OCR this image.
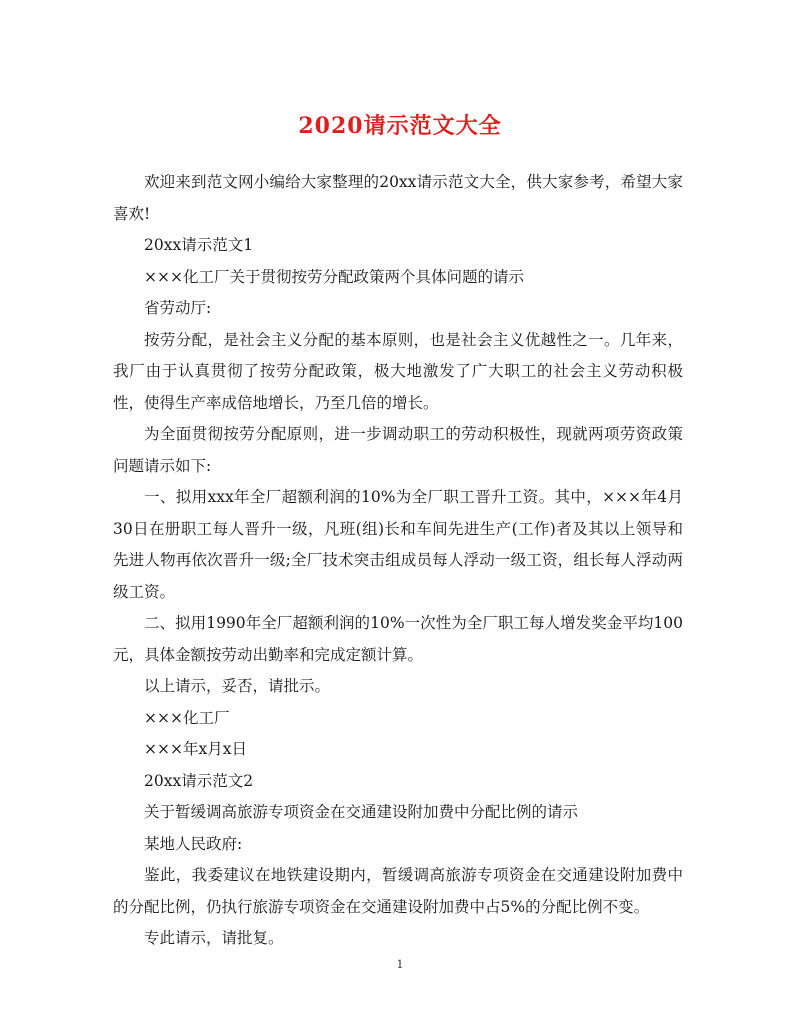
2020请示范文大全

欢迎来到范文网小编给大家整理的20xx请示范文大全，供大家参考，希望大家喜欢!

20xx请示范文1

×××化工厂关于贯彻按劳分配政策两个具体问题的请示

省劳动厅:

按劳分配，是社会主义分配的基本原则，也是社会主义优越性之一。几年来，我厂由于认真贯彻了按劳分配政策，极大地激发了广大职工的社会主义劳动积极性，使得生产率成倍地增长，乃至几倍的增长。

为全面贯彻按劳分配原则，进一步调动职工的劳动积极性，现就两项劳资政策问题请示如下:

一、拟用xxx年全厂超额利润的10%为全厂职工晋升工资。其中，×××年4月30日在册职工每人晋升一级，凡班(组)长和车间先进生产(工作)者及其以上领导和先进人物再依次晋升一级;全厂技术突击组成员每人浮动一级工资，组长每人浮动两级工资。

二、拟用1990年全厂超额利润的10%一次性为全厂职工每人增发奖金平均100元，具体金额按劳动出勤率和完成定额计算。

以上请示，妥否，请批示。

×××化工厂

×××年x月x日

20xx请示范文2

关于暂缓调高旅游专项资金在交通建设附加费中分配比例的请示

某地人民政府:

鉴此，我委建议在地铁建设期内，暂缓调高旅游专项资金在交通建设附加费中的分配比例，仍执行旅游专项资金在交通建设附加费中占5%的分配比例不变。

专此请示，请批复。

1
